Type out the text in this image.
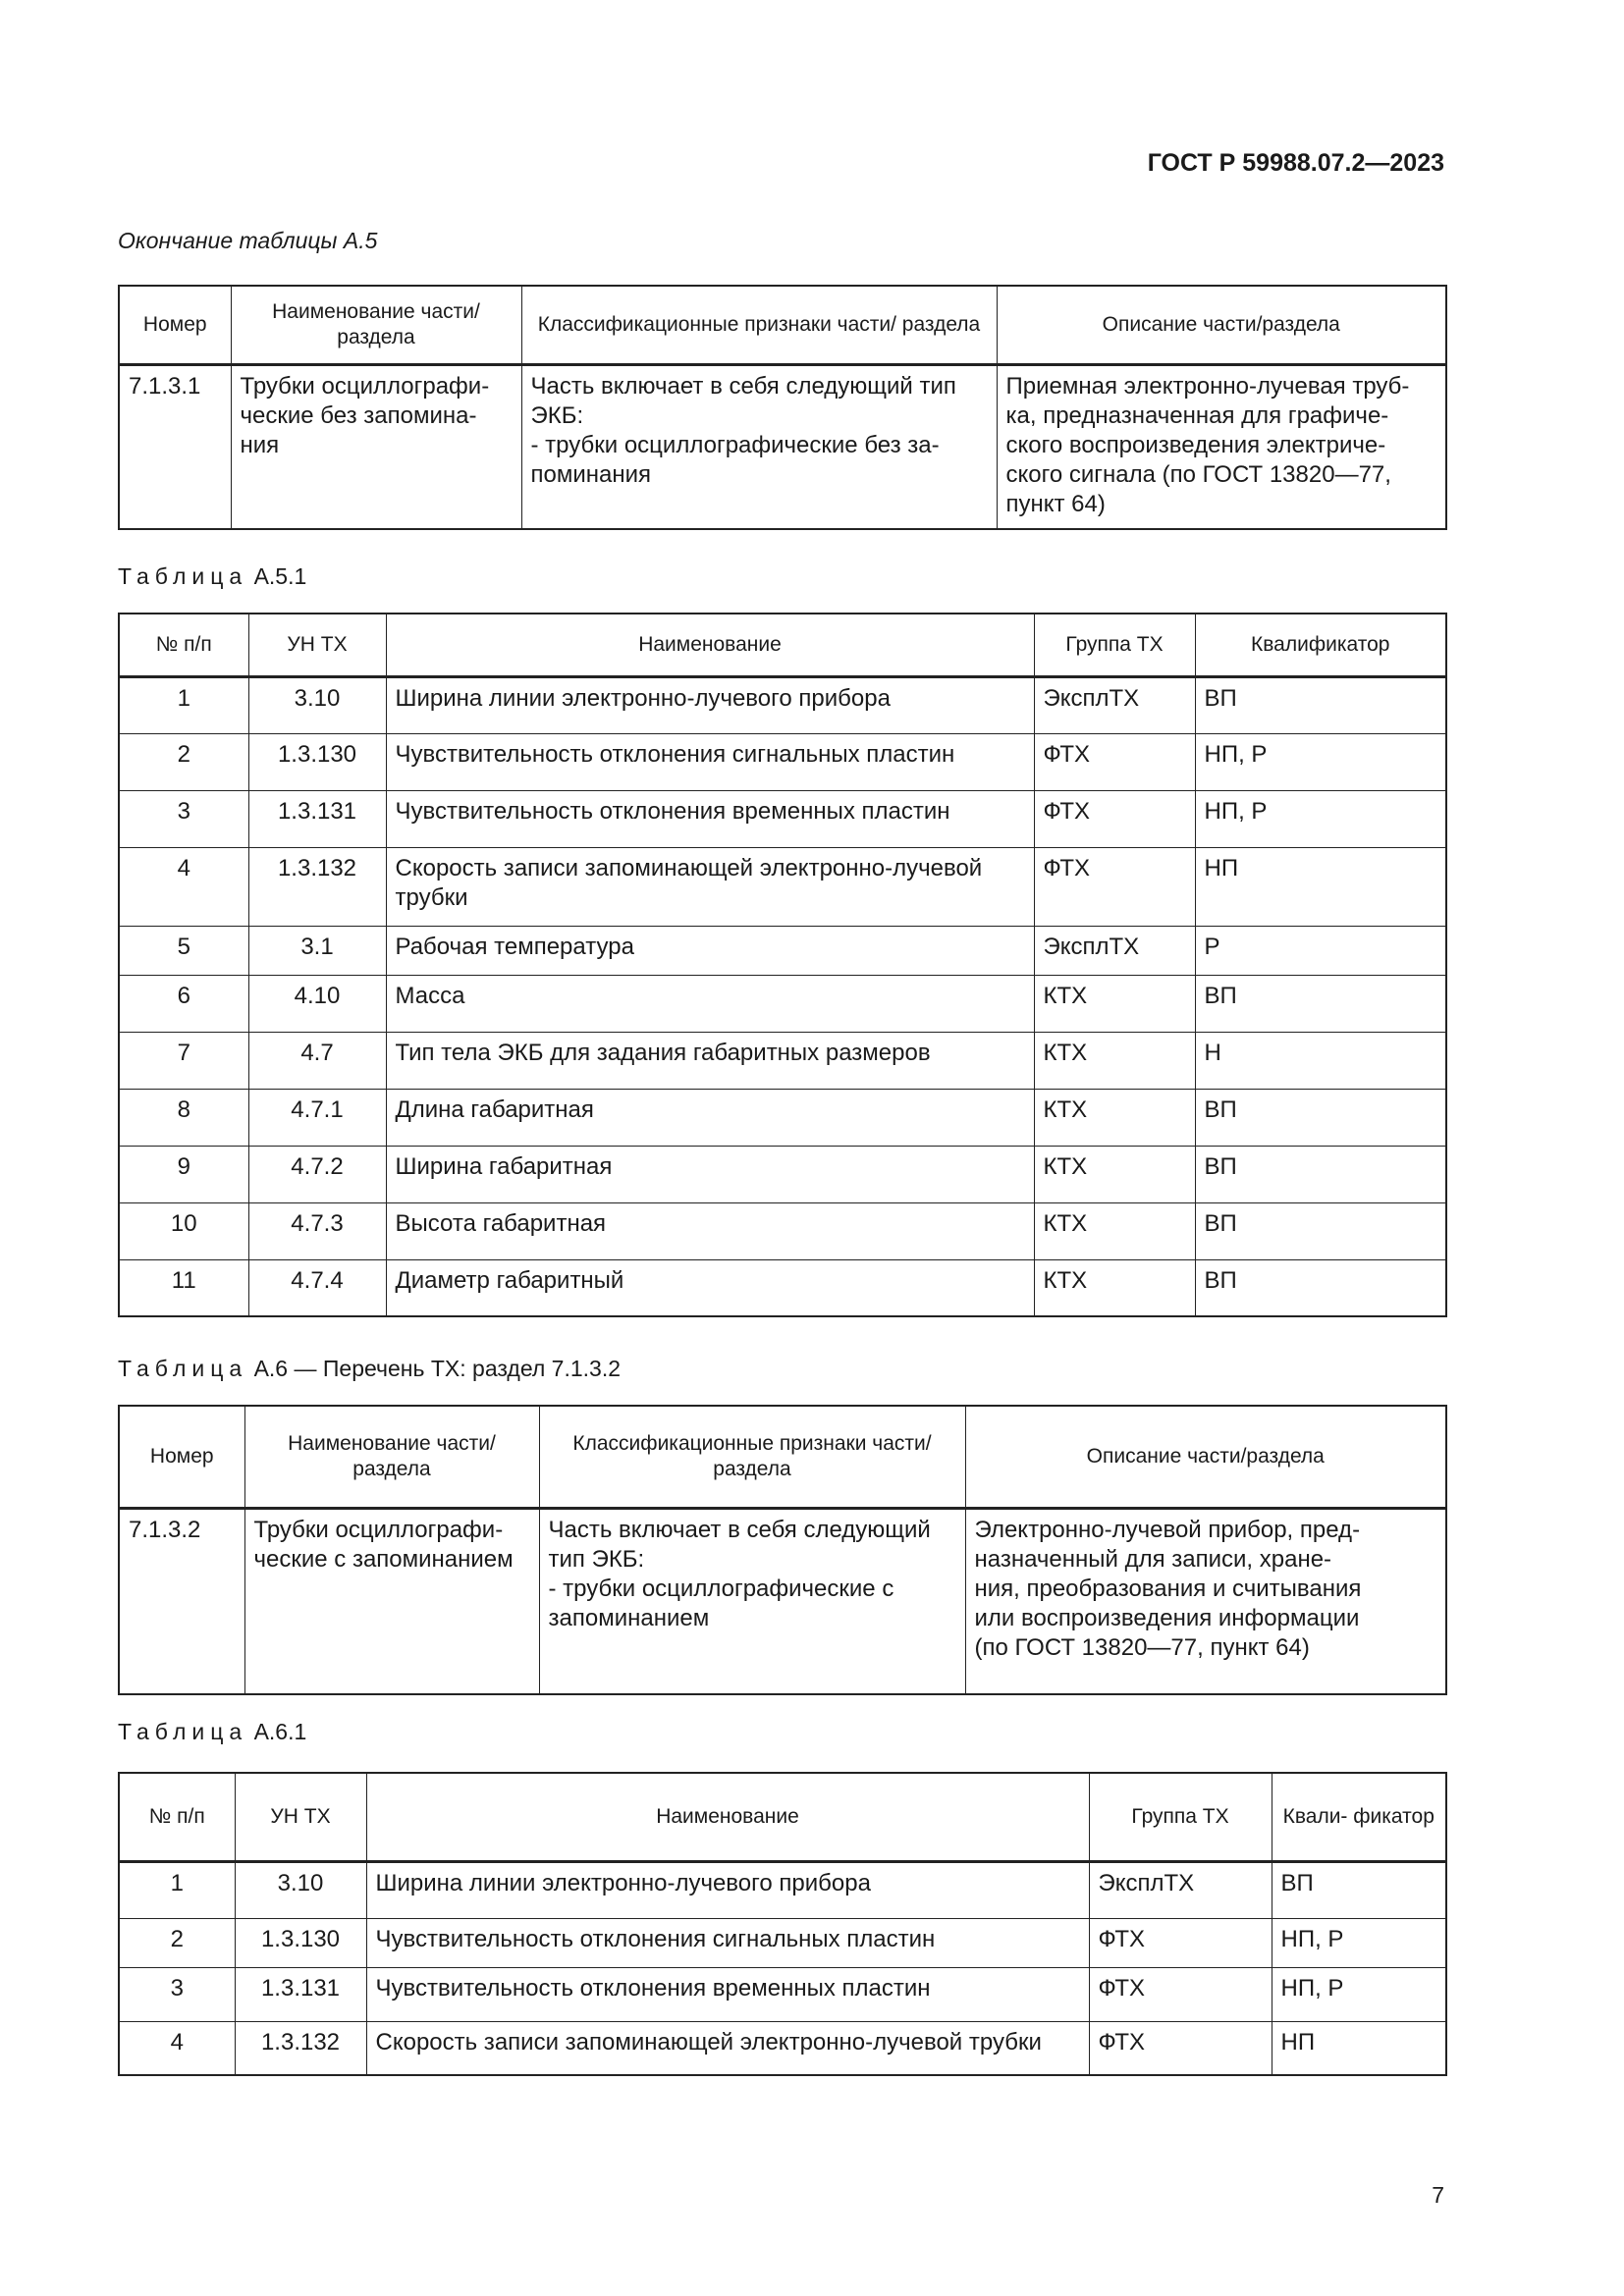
ГОСТ Р 59988.07.2—2023
Окончание таблицы А.5
Номер	Наименование части/ раздела	Классификационные признаки части/ раздела	Описание части/раздела
7.1.3.1	Трубки осциллографи-
ческие без запомина-
ния	Часть включает в себя следующий тип
ЭКБ:
- трубки осциллографические без за-
поминания	Приемная электронно-лучевая труб-
ка, предназначенная для графиче-
ского воспроизведения электриче-
ского сигнала (по ГОСТ 13820—77,
пункт 64)
Таблица А.5.1
№ п/п	УН ТХ	Наименование	Группа ТХ	Квалификатор
1	3.10	Ширина линии электронно-лучевого прибора	ЭксплТХ	ВП
2	1.3.130	Чувствительность отклонения сигнальных пластин	ФТХ	НП, Р
3	1.3.131	Чувствительность отклонения временных пластин	ФТХ	НП, Р
4	1.3.132	Скорость записи запоминающей электронно-лучевой
трубки	ФТХ	НП
5	3.1	Рабочая температура	ЭксплТХ	Р
6	4.10	Масса	КТХ	ВП
7	4.7	Тип тела ЭКБ для задания габаритных размеров	КТХ	Н
8	4.7.1	Длина габаритная	КТХ	ВП
9	4.7.2	Ширина габаритная	КТХ	ВП
10	4.7.3	Высота габаритная	КТХ	ВП
11	4.7.4	Диаметр габаритный	КТХ	ВП
Таблица А.6 — Перечень ТХ: раздел 7.1.3.2
Номер	Наименование части/ раздела	Классификационные признаки части/ раздела	Описание части/раздела
7.1.3.2	Трубки осциллографи-
ческие с запоминанием	Часть включает в себя следующий
тип ЭКБ:
- трубки осциллографические с
запоминанием	Электронно-лучевой прибор, пред-
назначенный для записи, хране-
ния, преобразования и считывания
или воспроизведения информации
(по ГОСТ 13820—77, пункт 64)
Таблица А.6.1
№ п/п	УН ТХ	Наименование	Группа ТХ	Квали- фикатор
1	3.10	Ширина линии электронно-лучевого прибора	ЭксплТХ	ВП
2	1.3.130	Чувствительность отклонения сигнальных пластин	ФТХ	НП, Р
3	1.3.131	Чувствительность отклонения временных пластин	ФТХ	НП, Р
4	1.3.132	Скорость записи запоминающей электронно-лучевой трубки	ФТХ	НП
7
